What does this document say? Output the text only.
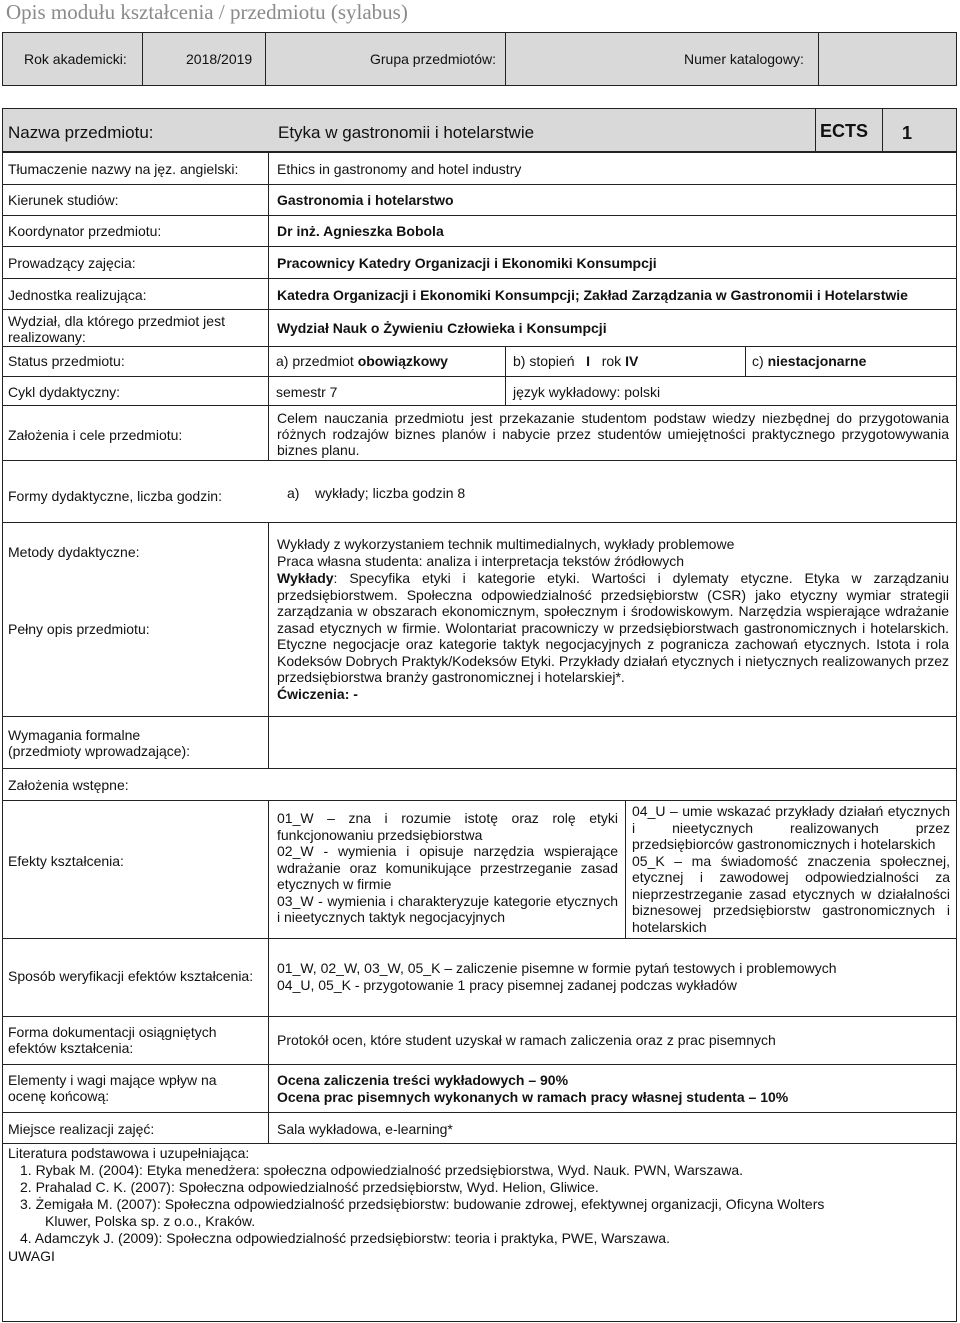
Opis modułu kształcenia / przedmiotu (sylabus)
Rok akademicki:	2018/2019	Grupa przedmiotów:	Numer katalogowy:
Nazwa przedmiotu:	Etyka w gastronomii i hotelarstwie	ECTS 1
Tłumaczenie nazwy na jęz. angielski:	Ethics in gastronomy and hotel industry
Kierunek studiów:	Gastronomia i hotelarstwo
Koordynator przedmiotu:	Dr inż. Agnieszka Bobola
Prowadzący zajęcia:	Pracownicy Katedry Organizacji i Ekonomiki Konsumpcji
Jednostka realizująca:	Katedra Organizacji i Ekonomiki Konsumpcji; Zakład Zarządzania w Gastronomii i Hotelarstwie
Wydział, dla którego przedmiot jest
realizowany:
Wydział Nauk o Żywieniu Człowieka i Konsumpcji
Status przedmiotu:	a) przedmiot obowiązkowy	b) stopień I rok IV	c) niestacjonarne
Cykl dydaktyczny:	semestr 7	język wykładowy: polski
Założenia i cele przedmiotu:
Celem nauczania przedmiotu jest przekazanie studentom podstaw wiedzy niezbędnej do przygotowania różnych rodzajów biznes planów i nabycie przez studentów umiejętności praktycznego przygotowywania biznes planu.
Formy dydaktyczne, liczba godzin:	a) wykłady; liczba godzin 8
Metody dydaktyczne:	Wykłady z wykorzystaniem technik multimedialnych, wykłady problemowe
Praca własna studenta: analiza i interpretacja tekstów źródłowych
Pełny opis przedmiotu:
Wykłady: Specyfika etyki i kategorie etyki. Wartości i dylematy etyczne. Etyka w zarządzaniu przedsiębiorstwem. Społeczna odpowiedzialność przedsiębiorstw (CSR) jako etyczny wymiar strategii zarządzania w obszarach ekonomicznym, społecznym i środowiskowym. Narzędzia wspierające wdrażanie zasad etycznych w firmie. Wolontariat pracowniczy w przedsiębiorstwach gastronomicznych i hotelarskich. Etyczne negocjacje oraz kategorie taktyk negocjacyjnych z pogranicza zachowań etycznych. Istota i rola Kodeksów Dobrych Praktyk/Kodeksów Etyki. Przykłady działań etycznych i nietycznych realizowanych przez przedsiębiorstwa branży gastronomicznej i hotelarskiej*.
Ćwiczenia: -
Wymagania formalne
(przedmioty wprowadzające):
Założenia wstępne:
Efekty kształcenia:
01_W – zna i rozumie istotę oraz rolę etyki funkcjonowaniu przedsiębiorstwa
02_W - wymienia i opisuje narzędzia wspierające wdrażanie oraz komunikujące przestrzeganie zasad etycznych w firmie
03_W - wymienia i charakteryzuje kategorie etycznych i nieetycznych taktyk negocjacyjnych
04_U – umie wskazać przykłady działań etycznych i nieetycznych realizowanych przez przedsiębiorców gastronomicznych i hotelarskich
05_K – ma świadomość znaczenia społecznej, etycznej i zawodowej odpowiedzialności za nieprzestrzeganie zasad etycznych w działalności biznesowej przedsiębiorstw gastronomicznych i hotelarskich
Sposób weryfikacji efektów kształcenia: 01_W, 02_W, 03_W, 05_K – zaliczenie pisemne w formie pytań testowych i problemowych
04_U, 05_K - przygotowanie 1 pracy pisemnej zadanej podczas wykładów
Forma dokumentacji osiągniętych
efektów kształcenia:	Protokół ocen, które student uzyskał w ramach zaliczenia oraz z prac pisemnych
Elementy i wagi mające wpływ na
ocenę końcową:
Ocena zaliczenia treści wykładowych – 90%
Ocena prac pisemnych wykonanych w ramach pracy własnej studenta – 10%
Miejsce realizacji zajęć:	Sala wykładowa, e-learning*
Literatura podstawowa i uzupełniająca:
1. Rybak M. (2004): Etyka menedżera: społeczna odpowiedzialność przedsiębiorstwa, Wyd. Nauk. PWN, Warszawa.
2. Prahalad C. K. (2007): Społeczna odpowiedzialność przedsiębiorstw, Wyd. Helion, Gliwice.
3. Żemigała M. (2007): Społeczna odpowiedzialność przedsiębiorstw: budowanie zdrowej, efektywnej organizacji, Oficyna Wolters
Kluwer, Polska sp. z o.o., Kraków.
4. Adamczyk J. (2009): Społeczna odpowiedzialność przedsiębiorstw: teoria i praktyka, PWE, Warszawa.
UWAGI
